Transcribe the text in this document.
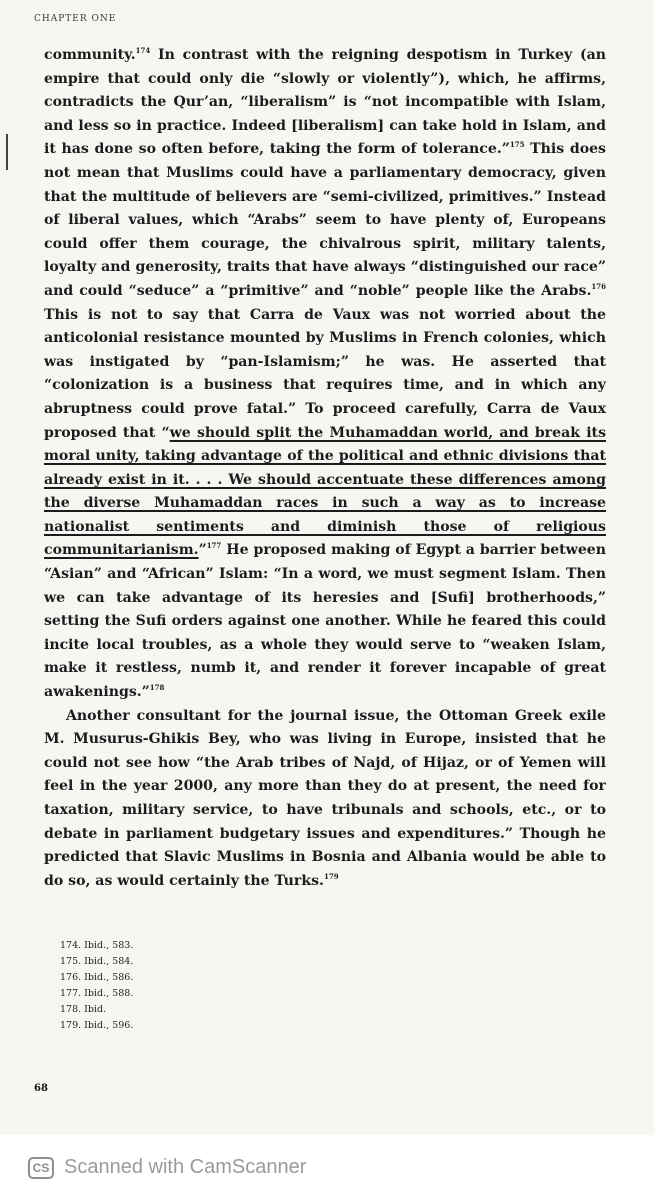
CHAPTER ONE

community.$^{174}$ In contrast with the reigning despotism in Turkey (an empire that could only die “slowly or violently”), which, he affirms, contradicts the Qur’an, “liberalism” is “not incompatible with Islam, and less so in practice. Indeed [liberalism] can take hold in Islam, and it has done so often before, taking the form of tolerance.”$^{175}$ This does not mean that Muslims could have a parliamentary democracy, given that the multitude of believers are “semi-civilized, primitives.” Instead of liberal values, which “Arabs” seem to have plenty of, Europeans could offer them courage, the chivalrous spirit, military talents, loyalty and generosity, traits that have always “distinguished our race” and could “seduce” a “primitive” and “noble” people like the Arabs.$^{176}$ This is not to say that Carra de Vaux was not worried about the anticolonial resistance mounted by Muslims in French colonies, which was instigated by “pan-Islamism;” he was. He asserted that “colonization is a business that requires time, and in which any abruptness could prove fatal.” To proceed carefully, Carra de Vaux proposed that “we should split the Muhamaddan world, and break its moral unity, taking advantage of the political and ethnic divisions that already exist in it. . . . We should accentuate these differences among the diverse Muhamaddan races in such a way as to increase nationalist sentiments and diminish those of religious communitarianism.”$^{177}$ He proposed making of Egypt a barrier between “Asian” and “African” Islam: “In a word, we must segment Islam. Then we can take advantage of its heresies and [Sufi] brotherhoods,” setting the Sufi orders against one another. While he feared this could incite local troubles, as a whole they would serve to “weaken Islam, make it restless, numb it, and render it forever incapable of great awakenings.”$^{178}$

Another consultant for the journal issue, the Ottoman Greek exile M. Musurus-Ghikis Bey, who was living in Europe, insisted that he could not see how “the Arab tribes of Najd, of Hijaz, or of Yemen will feel in the year 2000, any more than they do at present, the need for taxation, military service, to have tribunals and schools, etc., or to debate in parliament budgetary issues and expenditures.” Though he predicted that Slavic Muslims in Bosnia and Albania would be able to do so, as would certainly the Turks.$^{179}$

174. Ibid., 583.
175. Ibid., 584.
176. Ibid., 586.
177. Ibid., 588.
178. Ibid.
179. Ibid., 596.
68
CS Scanned with CamScanner
